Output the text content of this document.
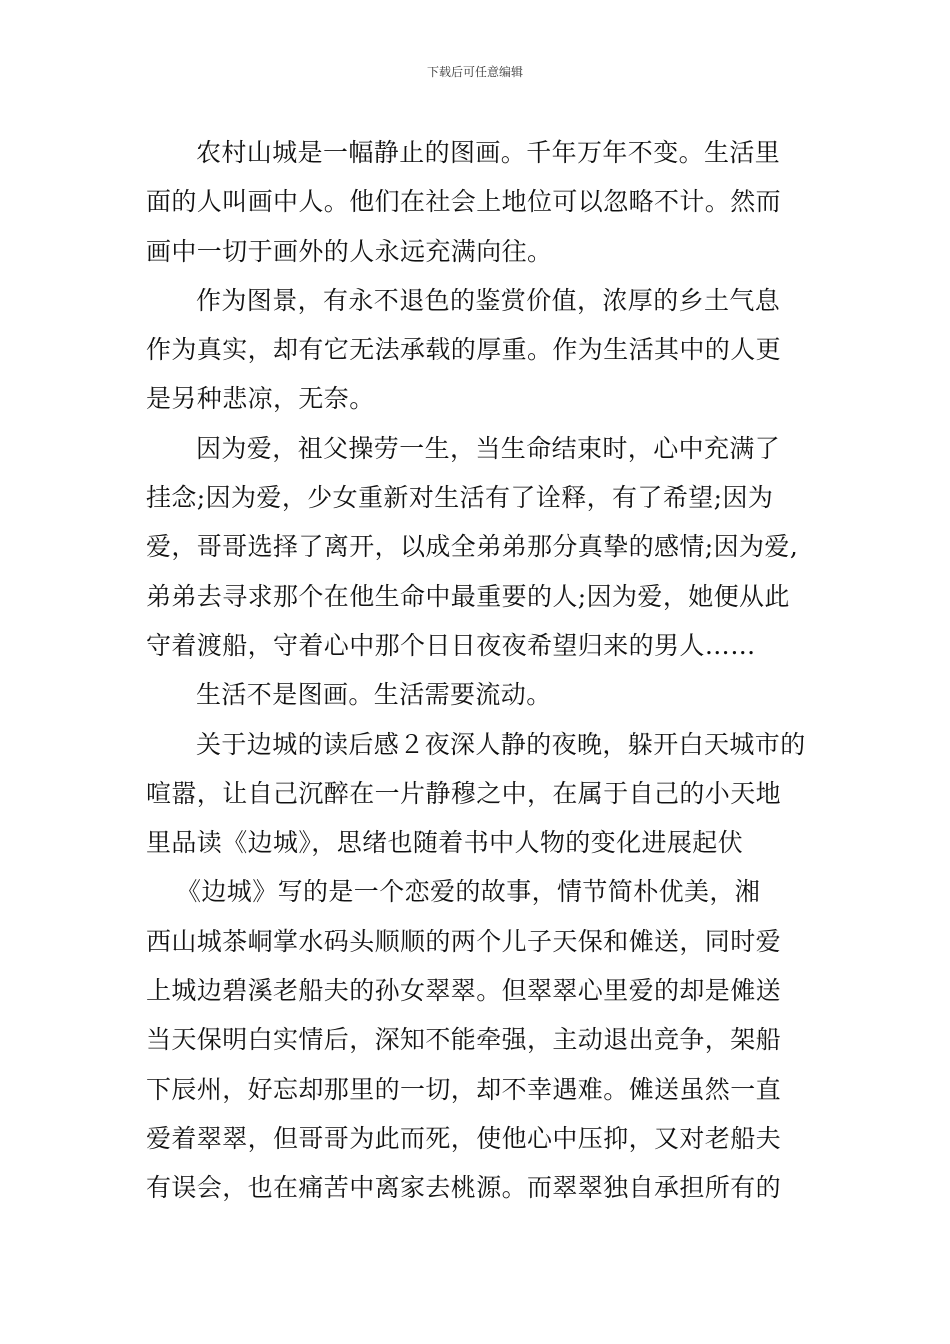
下载后可任意编辑
农村山城是一幅静止的图画。千年万年不变。生活里
面的人叫画中人。他们在社会上地位可以忽略不计。然而
画中一切于画外的人永远充满向往。
作为图景，有永不退色的鉴赏价值，浓厚的乡土气息
作为真实，却有它无法承载的厚重。作为生活其中的人更
是另种悲凉，无奈。
因为爱，祖父操劳一生，当生命结束时，心中充满了
挂念;因为爱，少女重新对生活有了诠释，有了希望;因为
爱，哥哥选择了离开，以成全弟弟那分真挚的感情;因为爱,
弟弟去寻求那个在他生命中最重要的人;因为爱，她便从此
守着渡船，守着心中那个日日夜夜希望归来的男人……
生活不是图画。生活需要流动。
关于边城的读后感２夜深人静的夜晚，躲开白天城市的
喧嚣，让自己沉醉在一片静穆之中，在属于自己的小天地
里品读《边城》，思绪也随着书中人物的变化进展起伏
《边城》写的是一个恋爱的故事，情节简朴优美，湘
西山城茶峒掌水码头顺顺的两个儿子天保和傩送，同时爱
上城边碧溪老船夫的孙女翠翠。但翠翠心里爱的却是傩送
当天保明白实情后，深知不能牵强，主动退出竞争，架船
下辰州，好忘却那里的一切，却不幸遇难。傩送虽然一直
爱着翠翠，但哥哥为此而死，使他心中压抑，又对老船夫
有误会，也在痛苦中离家去桃源。而翠翠独自承担所有的
